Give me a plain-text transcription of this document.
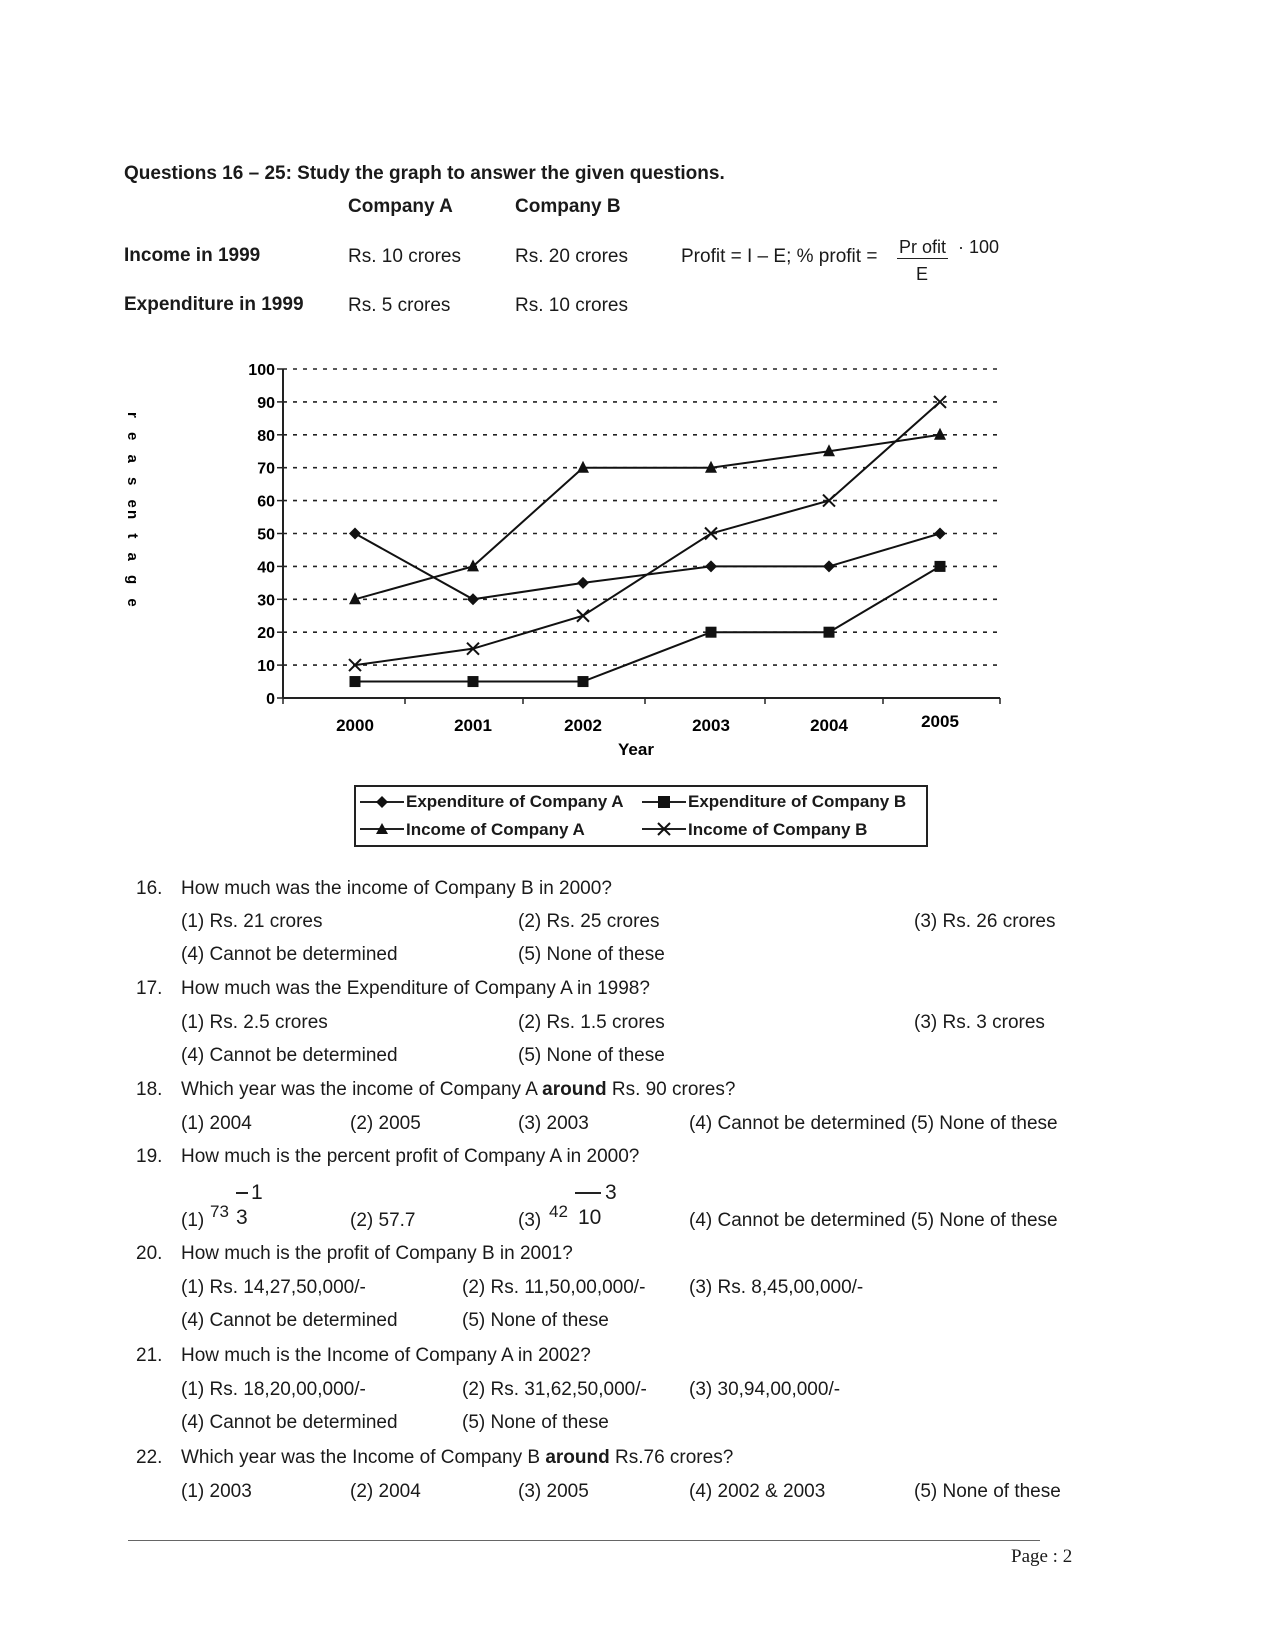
Questions 16 – 25: Study the graph to answer the given questions.
Company A	Company B
Income in 1999	Rs. 10 crores	Rs. 20 crores	Profit = I – E; % profit = Pr ofit
E
· 100
Expenditure in 1999 Rs. 5 crores	Rs. 10 crores
0
10
20
30
40
50
60
70
80
90
100
2000	2001	2002	2003	2004	2005
Year
r e a s e
n t a g e
Expenditure of Company A	Expenditure of Company B
Income of Company A	Income of Company B
16. How much was the income of Company B in 2000?
(1) Rs. 21 crores	(2) Rs. 25 crores	(3) Rs. 26 crores
(4) Cannot be determined	(5) None of these
17. How much was the Expenditure of Company A in 1998?
(1) Rs. 2.5 crores	(2) Rs. 1.5 crores	(3) Rs. 3 crores
(4) Cannot be determined	(5) None of these
18. Which year was the income of Company A around Rs. 90 crores?
(1) 2004	(2) 2005	(3) 2003	(4) Cannot be determined (5) None of these
19. How much is the percent profit of Company A in 2000?
(1) 73
1
3	(2) 57.7	(3) 42
3
10	(4) Cannot be determined (5) None of these
20. How much is the profit of Company B in 2001?
(1) Rs. 14,27,50,000/-	(2) Rs. 11,50,00,000/- (3) Rs. 8,45,00,000/-
(4) Cannot be determined	(5) None of these
21. How much is the Income of Company A in 2002?
(1) Rs. 18,20,00,000/-	(2) Rs. 31,62,50,000/- (3) 30,94,00,000/-
(4) Cannot be determined	(5) None of these
22. Which year was the Income of Company B around Rs.76 crores?
(1) 2003	(2) 2004	(3) 2005	(4) 2002 & 2003	(5) None of these
Page : 2
